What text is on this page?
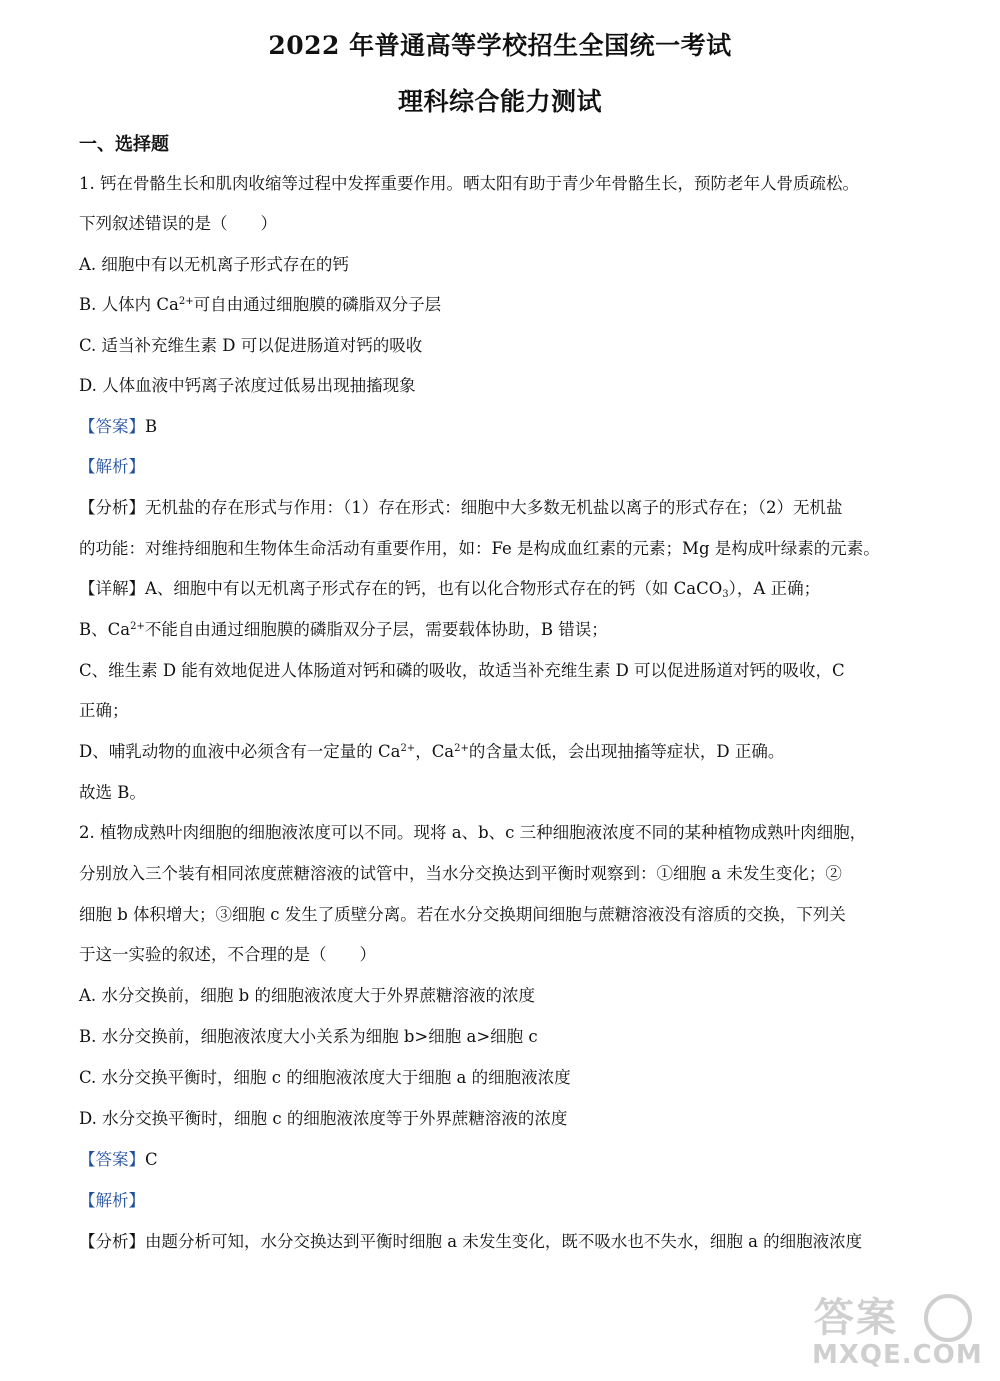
2022 年普通高等学校招生全国统一考试
理科综合能力测试
一、选择题
1. 钙在骨骼生长和肌肉收缩等过程中发挥重要作用。晒太阳有助于青少年骨骼生长，预防老年人骨质疏松。
下列叙述错误的是（　　）
A. 细胞中有以无机离子形式存在的钙
B. 人体内 $Ca^{2+}$可自由通过细胞膜的磷脂双分子层
C. 适当补充维生素 D 可以促进肠道对钙的吸收
D. 人体血液中钙离子浓度过低易出现抽搐现象
【答案】B
【解析】
【分析】无机盐的存在形式与作用：（1）存在形式：细胞中大多数无机盐以离子的形式存在；（2）无机盐
的功能：对维持细胞和生物体生命活动有重要作用，如：Fe 是构成血红素的元素；Mg 是构成叶绿素的元素。
【详解】A、细胞中有以无机离子形式存在的钙，也有以化合物形式存在的钙（如 CaCO$_3$），A 正确；
B、$Ca^{2+}$不能自由通过细胞膜的磷脂双分子层，需要载体协助，B 错误；
C、维生素 D 能有效地促进人体肠道对钙和磷的吸收，故适当补充维生素 D 可以促进肠道对钙的吸收，C
正确；
D、哺乳动物的血液中必须含有一定量的 $Ca^{2+}$，$Ca^{2+}$的含量太低，会出现抽搐等症状，D 正确。
故选 B。
2. 植物成熟叶肉细胞的细胞液浓度可以不同。现将 a、b、c 三种细胞液浓度不同的某种植物成熟叶肉细胞，
分别放入三个装有相同浓度蔗糖溶液的试管中，当水分交换达到平衡时观察到：①细胞 a 未发生变化；②
细胞 b 体积增大；③细胞 c 发生了质壁分离。若在水分交换期间细胞与蔗糖溶液没有溶质的交换，下列关
于这一实验的叙述，不合理的是（　　）
A. 水分交换前，细胞 b 的细胞液浓度大于外界蔗糖溶液的浓度
B. 水分交换前，细胞液浓度大小关系为细胞 b>细胞 a>细胞 c
C. 水分交换平衡时，细胞 c 的细胞液浓度大于细胞 a 的细胞液浓度
D. 水分交换平衡时，细胞 c 的细胞液浓度等于外界蔗糖溶液的浓度
【答案】C
【解析】
【分析】由题分析可知，水分交换达到平衡时细胞 a 未发生变化，既不吸水也不失水，细胞 a 的细胞液浓度
答案
MXQE.COM
